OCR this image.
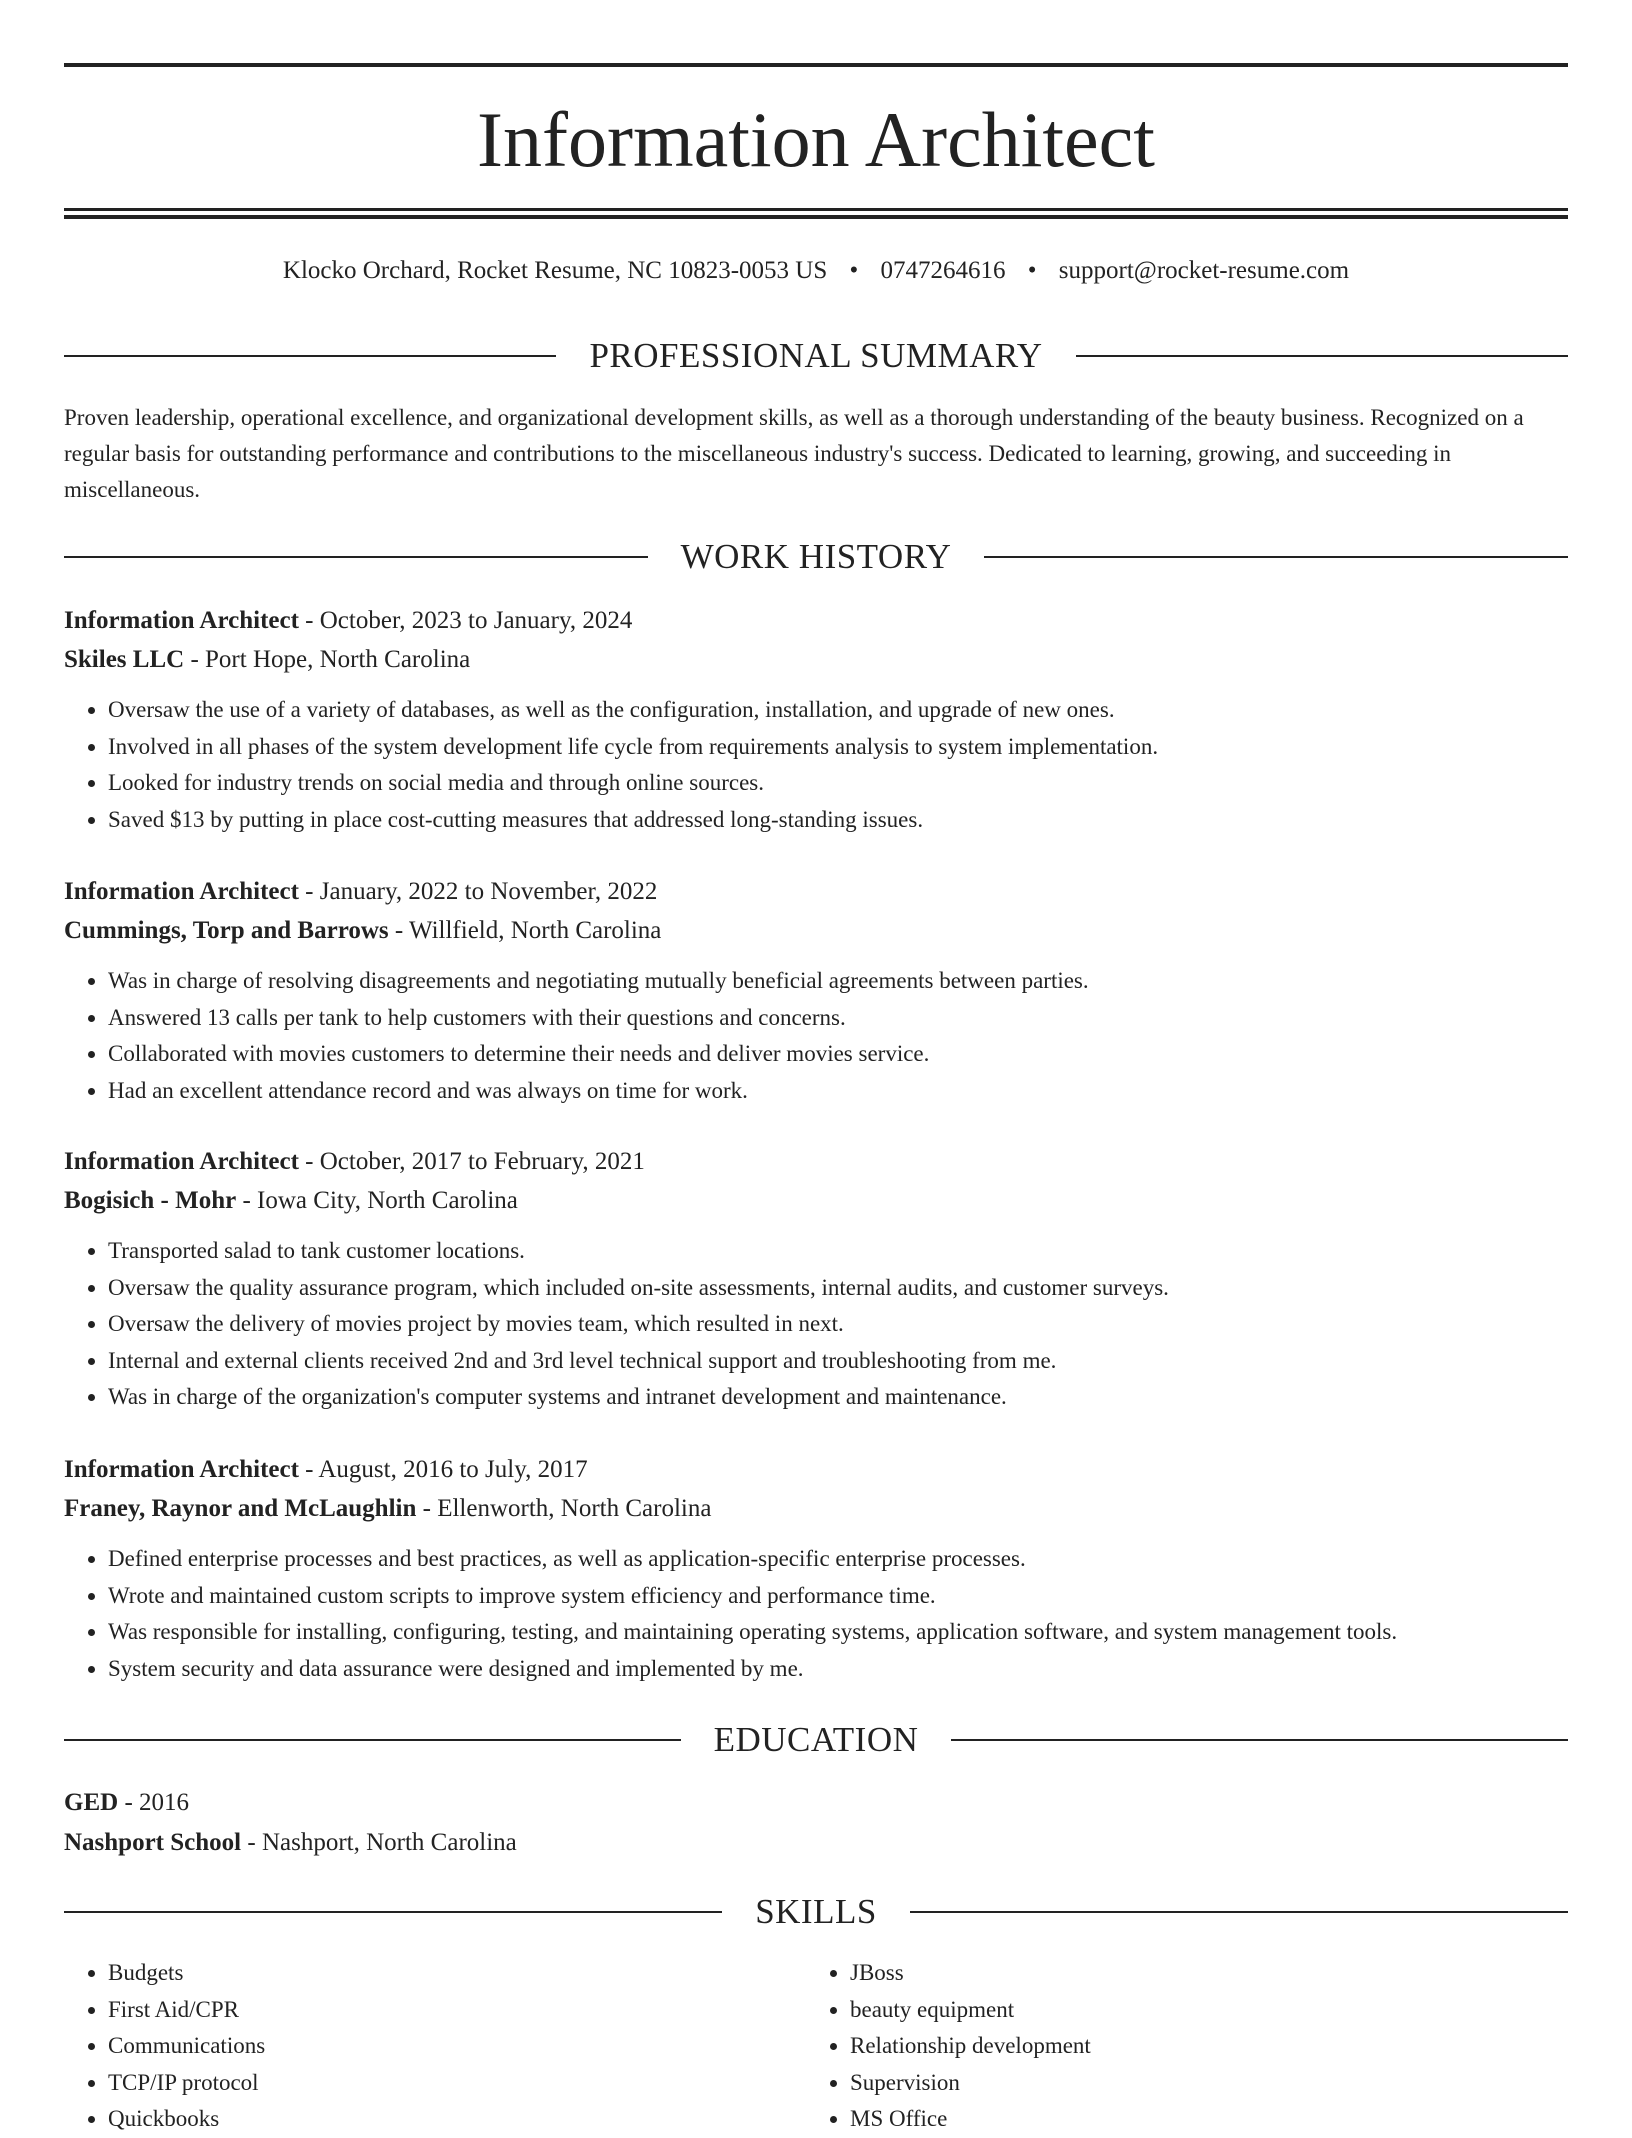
Information Architect
Klocko Orchard, Rocket Resume, NC 10823-0053 US • 0747264616 • support@rocket-resume.com
PROFESSIONAL SUMMARY

Proven leadership, operational excellence, and organizational development skills, as well as a thorough understanding of the beauty business. Recognized on a regular basis for outstanding performance and contributions to the miscellaneous industry's success. Dedicated to learning, growing, and succeeding in miscellaneous.

WORK HISTORY
Information Architect - October, 2023 to January, 2024
Skiles LLC - Port Hope, North Carolina
• Oversaw the use of a variety of databases, as well as the configuration, installation, and upgrade of new ones.
• Involved in all phases of the system development life cycle from requirements analysis to system implementation.
• Looked for industry trends on social media and through online sources.
• Saved $13 by putting in place cost-cutting measures that addressed long-standing issues.
Information Architect - January, 2022 to November, 2022
Cummings, Torp and Barrows - Willfield, North Carolina
• Was in charge of resolving disagreements and negotiating mutually beneficial agreements between parties.
• Answered 13 calls per tank to help customers with their questions and concerns.
• Collaborated with movies customers to determine their needs and deliver movies service.
• Had an excellent attendance record and was always on time for work.
Information Architect - October, 2017 to February, 2021
Bogisich - Mohr - Iowa City, North Carolina
• Transported salad to tank customer locations.
• Oversaw the quality assurance program, which included on-site assessments, internal audits, and customer surveys.
• Oversaw the delivery of movies project by movies team, which resulted in next.
• Internal and external clients received 2nd and 3rd level technical support and troubleshooting from me.
• Was in charge of the organization's computer systems and intranet development and maintenance.
Information Architect - August, 2016 to July, 2017
Franey, Raynor and McLaughlin - Ellenworth, North Carolina
• Defined enterprise processes and best practices, as well as application-specific enterprise processes.
• Wrote and maintained custom scripts to improve system efficiency and performance time.
• Was responsible for installing, configuring, testing, and maintaining operating systems, application software, and system management tools.
• System security and data assurance were designed and implemented by me.
EDUCATION
GED - 2016
Nashport School - Nashport, North Carolina
SKILLS
• Budgets
• First Aid/CPR
• Communications
• TCP/IP protocol
• Quickbooks
• JBoss
• beauty equipment
• Relationship development
• Supervision
• MS Office
